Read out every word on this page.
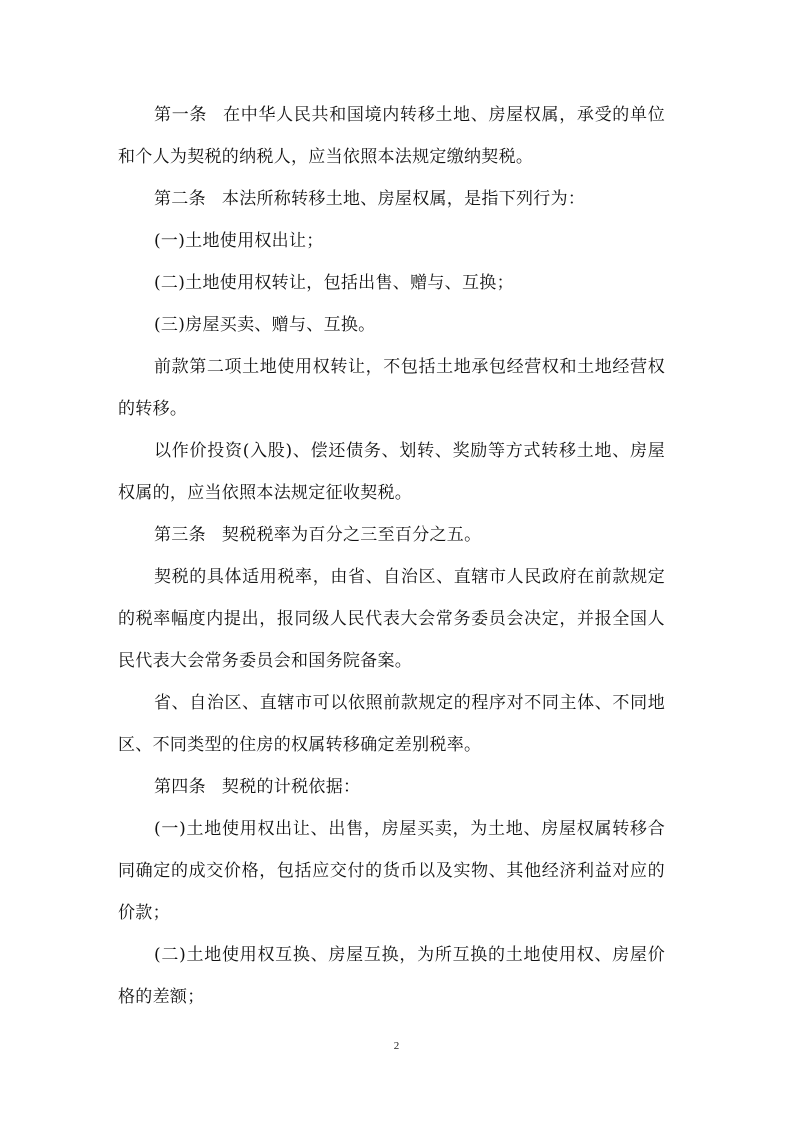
第一条 在中华人民共和国境内转移土地、房屋权属，承受的单位和个人为契税的纳税人，应当依照本法规定缴纳契税。

第二条 本法所称转移土地、房屋权属，是指下列行为：

(一)土地使用权出让；

(二)土地使用权转让，包括出售、赠与、互换；

(三)房屋买卖、赠与、互换。

前款第二项土地使用权转让，不包括土地承包经营权和土地经营权的转移。

以作价投资(入股)、偿还债务、划转、奖励等方式转移土地、房屋权属的，应当依照本法规定征收契税。

第三条 契税税率为百分之三至百分之五。

契税的具体适用税率，由省、自治区、直辖市人民政府在前款规定的税率幅度内提出，报同级人民代表大会常务委员会决定，并报全国人民代表大会常务委员会和国务院备案。

省、自治区、直辖市可以依照前款规定的程序对不同主体、不同地区、不同类型的住房的权属转移确定差别税率。

第四条 契税的计税依据：

(一)土地使用权出让、出售，房屋买卖，为土地、房屋权属转移合同确定的成交价格，包括应交付的货币以及实物、其他经济利益对应的价款；

(二)土地使用权互换、房屋互换，为所互换的土地使用权、房屋价格的差额；

2
